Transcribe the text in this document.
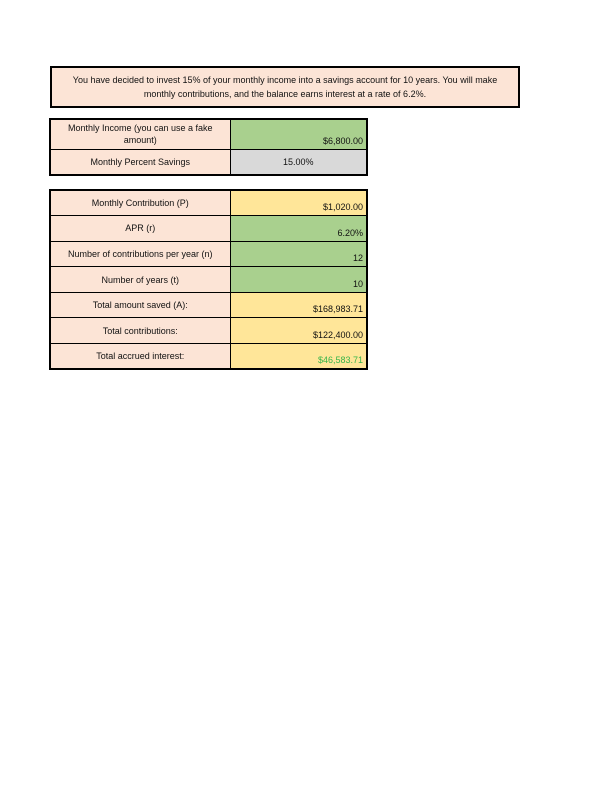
You have decided to invest 15% of your monthly income into a savings account for 10 years. You will make
monthly contributions, and the balance earns interest at a rate of 6.2%.
Monthly Income (you can use a fake amount)	$6,800.00
Monthly Percent Savings	15.00%
Monthly Contribution (P)	$1,020.00
APR (r)	6.20%
Number of contributions per year (n)	12
Number of years (t)	10
Total amount saved (A):	$168,983.71
Total contributions:	$122,400.00
Total accrued interest:	$46,583.71
